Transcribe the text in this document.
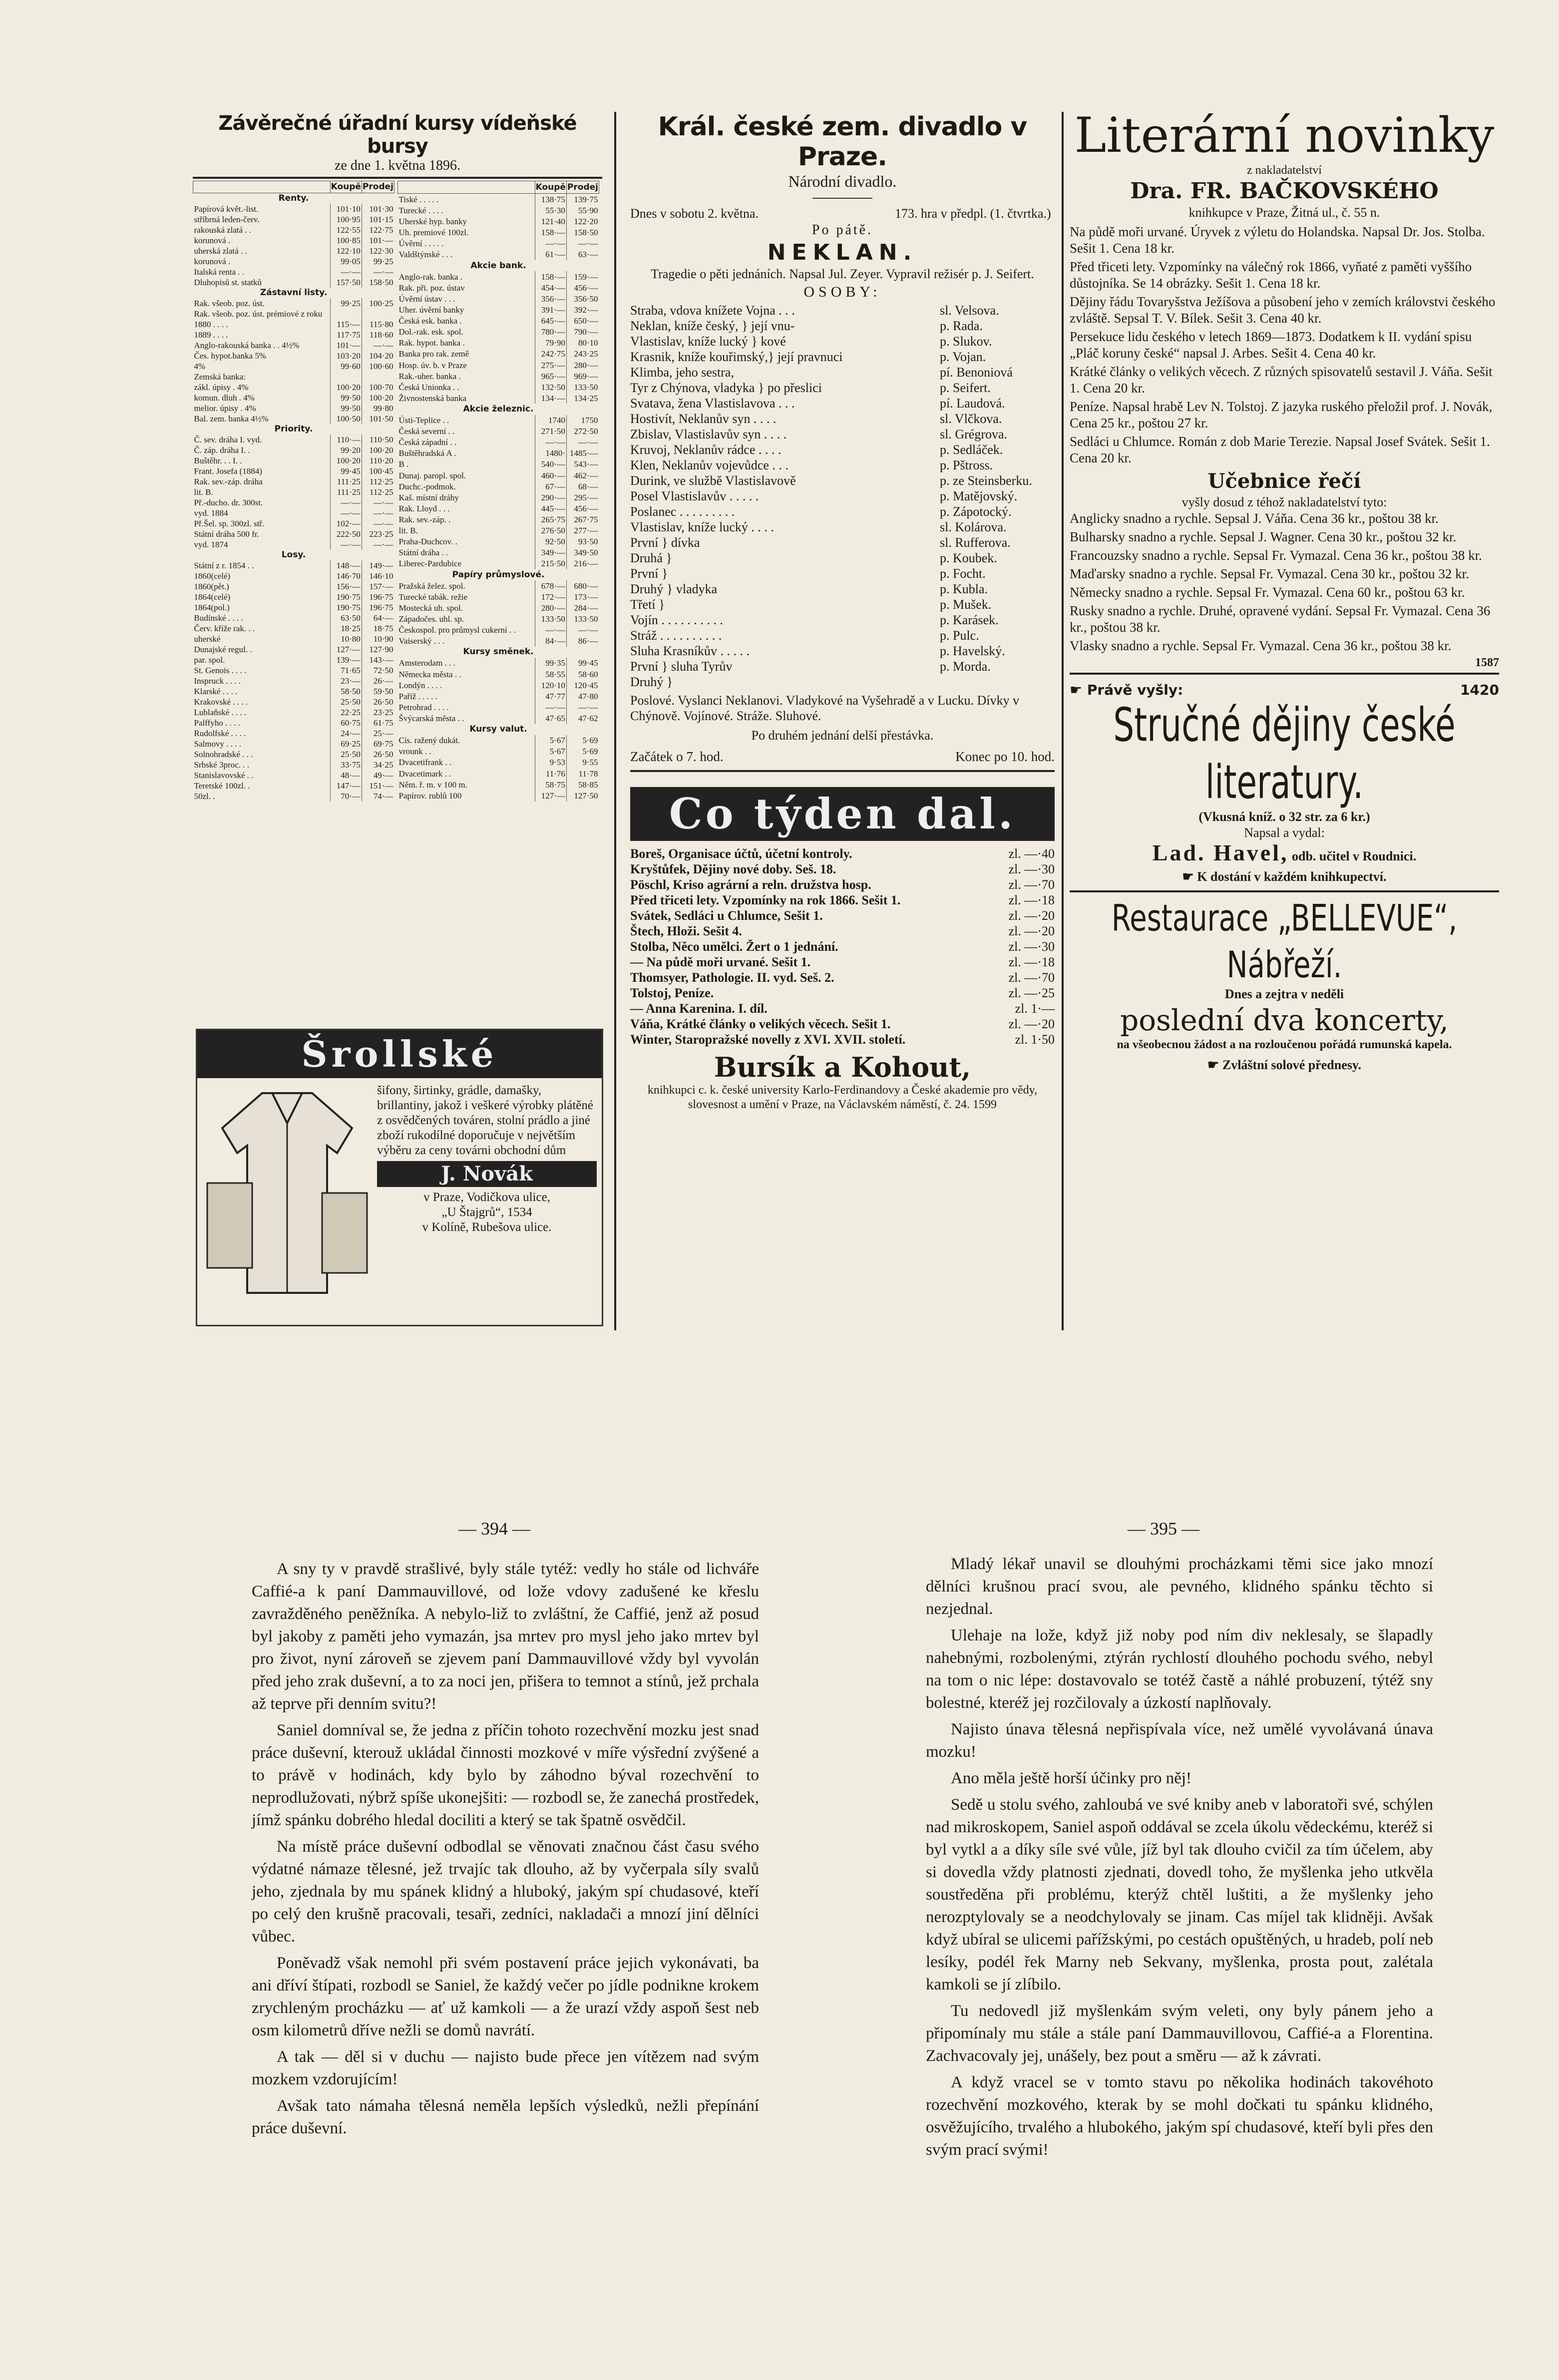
Závěrečné úřadní kursy vídeňské bursy
ze dne 1. května 1896.
	Koupě	Prodej
Renty.		
Papírová květ.-list.	101·10	101·30
stříbrná leden-červ.	100·95	101·15
rakouská zlatá . .	122·55	122·75
korunová .	100·85	101·—
uherská zlatá . .	122·10	122·30
korunová .	99·05	99·25
Italská renta . .	—·—	—·—
Dluhopisů st. statků	157·50	158·50
Zástavní listy.		
Rak. všeob. poz. úst.	99·25	100·25
Rak. všeob. poz. úst. prémiové z roku		
1880 . . . .	115·—	115·80
1889 . . . .	117·75	118·60
Anglo-rakouská banka . . 4½%	101·—	—·—
Čes. hypot.banka 5%	103·20	104·20
4%	99·60	100·60
Zemská banka:		
zákl. úpisy . 4%	100·20	100·70
komun. dluh . 4%	99·50	100·20
melior. úpisy . 4%	99·50	99·80
Bal. zem. banka 4½%	100·50	101·50
Priority.		
Č. sev. dráha I. vyd.	110·—	110·50
Č. záp. dráha I. .	99·20	100·20
Buštěhr. . . I. .	100·20	110·20
Frant. Josefa (1884)	99·45	100·45
Rak. sev.-záp. dráha	111·25	112·25
lit. B.	111·25	112·25
Př.-ducho. dr. 300st.	—·—	—·—
vyd. 1884	—·—	—·—
Př.Šel. sp. 300zl. stř.	102·—	—·—
Státní dráha 500 fr.	222·50	223·25
vyd. 1874	—·—	—·—
Losy.		
Státní z r. 1854 . .	148·—	149·—
1860(celé)	146·70	146·10
1860(pět.)	156·—	157·—
1864(celé)	190·75	196·75
1864(pol.)	190·75	196·75
Budínské . . . .	63·50	64·—
Červ. kříže rak. . .	18·25	18·75
uherské	10·80	10·90
Dunajské regul. .	127·—	127·90
par. spol.	139·—	143·—
St. Genois . . . .	71·65	72·50
Inspruck . . . .	23·—	26·—
Klarské . . . .	58·50	59·50
Krakovské . . . .	25·50	26·50
Lublaňské . . . .	22·25	23·25
Palffyho . . . .	60·75	61·75
Rudolfské . . . .	24·—	25·—
Salmovy . . . .	69·25	69·75
Solnohradské . . .	25·50	26·50
Srbské 3proc. . .	33·75	34·25
Stanislavovské . .	48·—	49·—
Teretské 100zl. .	147·—	151·—
50zl. .	70·—	74·—
	Koupě	Prodej
Tiské . . . . .	138·75	139·75
Turecké . . . .	55·30	55·90
Uherské hyp. banky	121·40	122·20
Uh. premiové 100zl.	158·—	158·50
Úvěrní . . . . .	—·—	—·—
Valdštýnské . . .	61·—	63·—
Akcie bank.		
Anglo-rak. banka .	158·—	159·—
Rak. při. poz. ústav	454·—	456·—
Úvěrní ústav . . .	356·—	356·50
Uher. úvěrní banky	391·—	392·—
Česká esk. banka .	645·—	650·—
Dol.-rak. esk. spol.	780·—	790·—
Rak. hypot. banka .	79·90	80·10
Banka pro rak. země	242·75	243·25
Hosp. úv. b. v Praze	275·—	280·—
Rak.-uher. banka .	965·—	969·—
Česká Unionka . .	132·50	133·50
Živnostenská banka	134·—	134·25
Akcie železnic.		
Ústi-Teplice . .	1740	1750
Česká severní . .	271·50	272·50
Česká západní . .	—·—	—·—
Buštěhradská A .	1480·	1485·—
B .	540·—	543·—
Dunaj. paropl. spol.	460·—	462·—
Duchc.-podmok.	67·—	68·—
Kaš. místní dráhy	290·—	295·—
Rak. Lloyd . . .	445·—	456·—
Rak. sev.-záp. .	265·75	267·75
lit. B.	276·50	277·—
Praha-Duchcov. .	92·50	93·50
Státní dráha . .	349·—	349·50
Liberec-Pardubice	215·50	216·—
Papíry průmyslové.		
Pražská želez. spol.	678·—	680·—
Turecké tabák. režie	172·—	173·—
Mostecká uh. spol.	280·—	284·—
Západočes. uhl. sp.	133·50	133·50
Českospol. pro průmysl cukerní . .	—·—	—·—
Vaiserský . . .	84·—	86·—
Kursy směnek.		
Amsterodam . . .	99·35	99·45
Německa města . .	58·55	58·60
Londýn . . . .	120·10	120·45
Paříž . . . . .	47·77	47·80
Petrohrad . . . .	—·—	—·—
Švýcarská města . .	47·65	47·62
Kursy valut.		
Cís. ražený dukát.	5·67	5·69
vrounk . .	5·67	5·69
Dvacetifrank . .	9·53	9·55
Dvacetimark . .	11·76	11·78
Něm. ř. m. v 100 m.	58·75	58·85
Papírov. rublů 100	127·—	127·50
Šrollské
šifony, širtinky, grádle, damašky, brillantiny, jakož i veškeré výrobky plátěné z osvědčených továren, stolní prádlo a jiné zboží rukodílné doporučuje v největším výběru za ceny továrni obchodní dům
J. Novák
v Praze, Vodičkova ulice,
„U Štajgrů“, 1534
v Kolíně, Rubešova ulice.
Král. české zem. divadlo v Praze.
Národní divadlo.
Dnes v sobotu 2. května.	173. hra v předpl. (1. čtvrtka.)
Po pátě.
NEKLAN.
Tragedie o pěti jednáních. Napsal Jul. Zeyer. Vypravil režisér p. J. Seifert.
OSOBY:
Straba, vdova knížete Vojna . . .	sl. Velsova.
Neklan, kníže český, } její vnu-	p. Rada.
Vlastislav, kníže lucký } kové	p. Slukov.
Krasnik, kníže kouřimský,} její pravnuci	p. Vojan.
Klimba, jeho sestra,	pí. Benoniová
Tyr z Chýnova, vladyka } po přeslici	p. Seifert.
Svatava, žena Vlastislavova . . .	pí. Laudová.
Hostivít, Neklanův syn . . . .	sl. Vlčkova.
Zbislav, Vlastislavův syn . . . .	sl. Grégrova.
Kruvoj, Neklanův rádce . . . .	p. Sedláček.
Klen, Neklanův vojevůdce . . .	p. Pštross.
Durink, ve službě Vlastislavově	p. ze Steinsberku.
Posel Vlastislavův . . . . .	p. Matějovský.
Poslanec . . . . . . . . .	p. Zápotocký.
Vlastislav, kníže lucký . . . .	sl. Kolárova.
První } dívka	sl. Rufferova.
Druhá }	p. Koubek.
První }	p. Focht.
Druhý } vladyka	p. Kubla.
Třetí }	p. Mušek.
Vojín . . . . . . . . . .	p. Karásek.
Stráž . . . . . . . . . .	p. Pulc.
Sluha Krasníkův . . . . .	p. Havelský.
První } sluha Tyrův	p. Morda.
Druhý }
Poslové. Vyslanci Neklanovi. Vladykové na Vyšehradě a v Lucku. Dívky v Chýnově. Vojínové. Stráže. Sluhové.
Po druhém jednání delší přestávka.
Začátek o 7. hod.	Konec po 10. hod.
Co týden dal.
Boreš, Organisace účtů, účetní kontroly.	zl. —·40
Kryštůfek, Dějiny nové doby. Seš. 18.	zl. —·30
Pöschl, Kriso agrární a reln. družstva hosp.	zl. —·70
Před třiceti lety. Vzpomínky na rok 1866. Sešit 1.	zl. —·18
Svátek, Sedláci u Chlumce, Sešit 1.	zl. —·20
Štech, Hloži. Sešit 4.	zl. —·20
Stolba, Něco umělci. Žert o 1 jednání.	zl. —·30
— Na půdě moři urvané. Sešit 1.	zl. —·18
Thomsyer, Pathologie. II. vyd. Seš. 2.	zl. —·70
Tolstoj, Peníze.	zl. —·25
— Anna Karenina. I. díl.	zl. 1·—
Váňa, Krátké články o velikých věcech. Sešit 1.	zl. —·20
Winter, Staropražské novelly z XVI. XVII. století.	zl. 1·50
Bursík a Kohout,
knihkupci c. k. české university Karlo-Ferdinandovy a České akademie pro vědy, slovesnost a umění v Praze, na Václavském náměstí, č. 24. 1599
Literární novinky
z nakladatelství
Dra. FR. BAČKOVSKÉHO
knihkupce v Praze, Žitná ul., č. 55 n.

Na půdě moři urvané. Úryvek z výletu do Holandska. Napsal Dr. Jos. Stolba. Sešit 1. Cena 18 kr.

Před třiceti lety. Vzpomínky na válečný rok 1866, vyňaté z paměti vyššího důstojníka. Se 14 obrázky. Sešit 1. Cena 18 kr.

Dějiny řádu Tovaryšstva Ježíšova a působení jeho v zemích královstvi českého zvláště. Sepsal T. V. Bílek. Sešit 3. Cena 40 kr.

Persekuce lidu českého v letech 1869—1873. Dodatkem k II. vydání spisu „Pláč koruny české“ napsal J. Arbes. Sešit 4. Cena 40 kr.

Krátké články o velikých věcech. Z různých spisovatelů sestavil J. Váňa. Sešit 1. Cena 20 kr.

Peníze. Napsal hrabě Lev N. Tolstoj. Z jazyka ruského přeložil prof. J. Novák, Cena 25 kr., poštou 27 kr.

Sedláci u Chlumce. Román z dob Marie Terezie. Napsal Josef Svátek. Sešit 1. Cena 20 kr.

Učebnice řečí
vyšly dosud z téhož nakladatelství tyto:

Anglicky snadno a rychle. Sepsal J. Váňa. Cena 36 kr., poštou 38 kr.

Bulharsky snadno a rychle. Sepsal J. Wagner. Cena 30 kr., poštou 32 kr.

Francouzsky snadno a rychle. Sepsal Fr. Vymazal. Cena 36 kr., poštou 38 kr.

Maďarsky snadno a rychle. Sepsal Fr. Vymazal. Cena 30 kr., poštou 32 kr.

Německy snadno a rychle. Sepsal Fr. Vymazal. Cena 60 kr., poštou 63 kr.

Rusky snadno a rychle. Druhé, opravené vydání. Sepsal Fr. Vymazal. Cena 36 kr., poštou 38 kr.

Vlasky snadno a rychle. Sepsal Fr. Vymazal. Cena 36 kr., poštou 38 kr.

1587
☛ Právě vyšly:	1420
Stručné dějiny české literatury.
(Vkusná kníž. o 32 str. za 6 kr.)
Napsal a vydal:
Lad. Havel, odb. učitel v Roudnici.
☛ K dostání v každém knihkupectví.
Restaurace „BELLEVUE“, Nábřeží.
Dnes a zejtra v neděli
poslední dva koncerty,
na všeobecnou žádost a na rozloučenou pořádá rumunská kapela.
☛ Zvláštní solové přednesy.
— 394 —	— 395 —

A sny ty v pravdě strašlivé, byly stále tytéž: vedly ho stále od lichváře Caffié-a k paní Dammauvillové, od lože vdovy zadušené ke křeslu zavražděného peněžníka. A nebylo-liž to zvláštní, že Caffié, jenž až posud byl jakoby z paměti jeho vymazán, jsa mrtev pro mysl jeho jako mrtev byl pro život, nyní zároveň se zjevem paní Dammauvillové vždy byl vyvolán před jeho zrak duševní, a to za noci jen, přišera to temnot a stínů, jež prchala až teprve při denním svitu?!

Saniel domníval se, že jedna z příčin tohoto rozechvění mozku jest snad práce duševní, kterouž ukládal činnosti mozkové v míře výsřední zvýšené a to právě v hodinách, kdy bylo by záhodno býval rozechvění to neprodlužovati, nýbrž spíše ukonejšiti: — rozbodl se, že zanechá prostředek, jímž spánku dobrého hledal dociliti a který se tak špatně osvědčil.

Na místě práce duševní odbodlal se věnovati značnou část času svého výdatné námaze tělesné, jež trvajíc tak dlouho, až by vyčerpala síly svalů jeho, zjednala by mu spánek klidný a hluboký, jakým spí chudasové, kteří po celý den krušně pracovali, tesaři, zedníci, nakladači a mnozí jiní dělníci vůbec.

Poněvadž však nemohl při svém postavení práce jejich vykonávati, ba ani dříví štípati, rozbodl se Saniel, že každý večer po jídle podnikne krokem zrychleným procházku — ať už kamkoli — a že urazí vždy aspoň šest neb osm kilometrů dříve nežli se domů navrátí.

A tak — děl si v duchu — najisto bude přece jen vítězem nad svým mozkem vzdorujícím!

Avšak tato námaha tělesná neměla lepších výsledků, nežli přepínání práce duševní.

Mladý lékař unavil se dlouhými procházkami těmi sice jako mnozí dělníci krušnou prací svou, ale pevného, klidného spánku těchto si nezjednal.

Ulehaje na lože, když již noby pod ním div neklesaly, se šlapadly nahebnými, rozbolenými, ztýrán rychlostí dlouhého pochodu svého, nebyl na tom o nic lépe: dostavovalo se totéž častě a náhlé probuzení, týtéž sny bolestné, kteréž jej rozčilovaly a úzkostí naplňovaly.

Najisto únava tělesná nepřispívala více, než umělé vyvolávaná únava mozku!

Ano měla ještě horší účinky pro něj!

Sedě u stolu svého, zahloubá ve své kniby aneb v laboratoři své, schýlen nad mikroskopem, Saniel aspoň oddával se zcela úkolu vědeckému, kteréž si byl vytkl a a díky síle své vůle, jíž byl tak dlouho cvičil za tím účelem, aby si dovedla vždy platnosti zjednati, dovedl toho, že myšlenka jeho utkvěla soustředěna při problému, kterýž chtěl luštiti, a že myšlenky jeho nerozptylovaly se a neodchylovaly se jinam. Cas míjel tak klidněji. Avšak když ubíral se ulicemi pařížskými, po cestách opuštěných, u hradeb, polí neb lesíky, podél řek Marny neb Sekvany, myšlenka, prosta pout, zalétala kamkoli se jí zlíbilo.

Tu nedovedl již myšlenkám svým veleti, ony byly pánem jeho a připomínaly mu stále a stále paní Dammauvillovou, Caffié-a a Florentina. Zachvacovaly jej, unášely, bez pout a směru — až k závrati.

A když vracel se v tomto stavu po několika hodinách takovéhoto rozechvění mozkového, kterak by se mohl dočkati tu spánku klidného, osvěžujícího, trvalého a hlubokého, jakým spí chudasové, kteří byli přes den svým prací svými!
